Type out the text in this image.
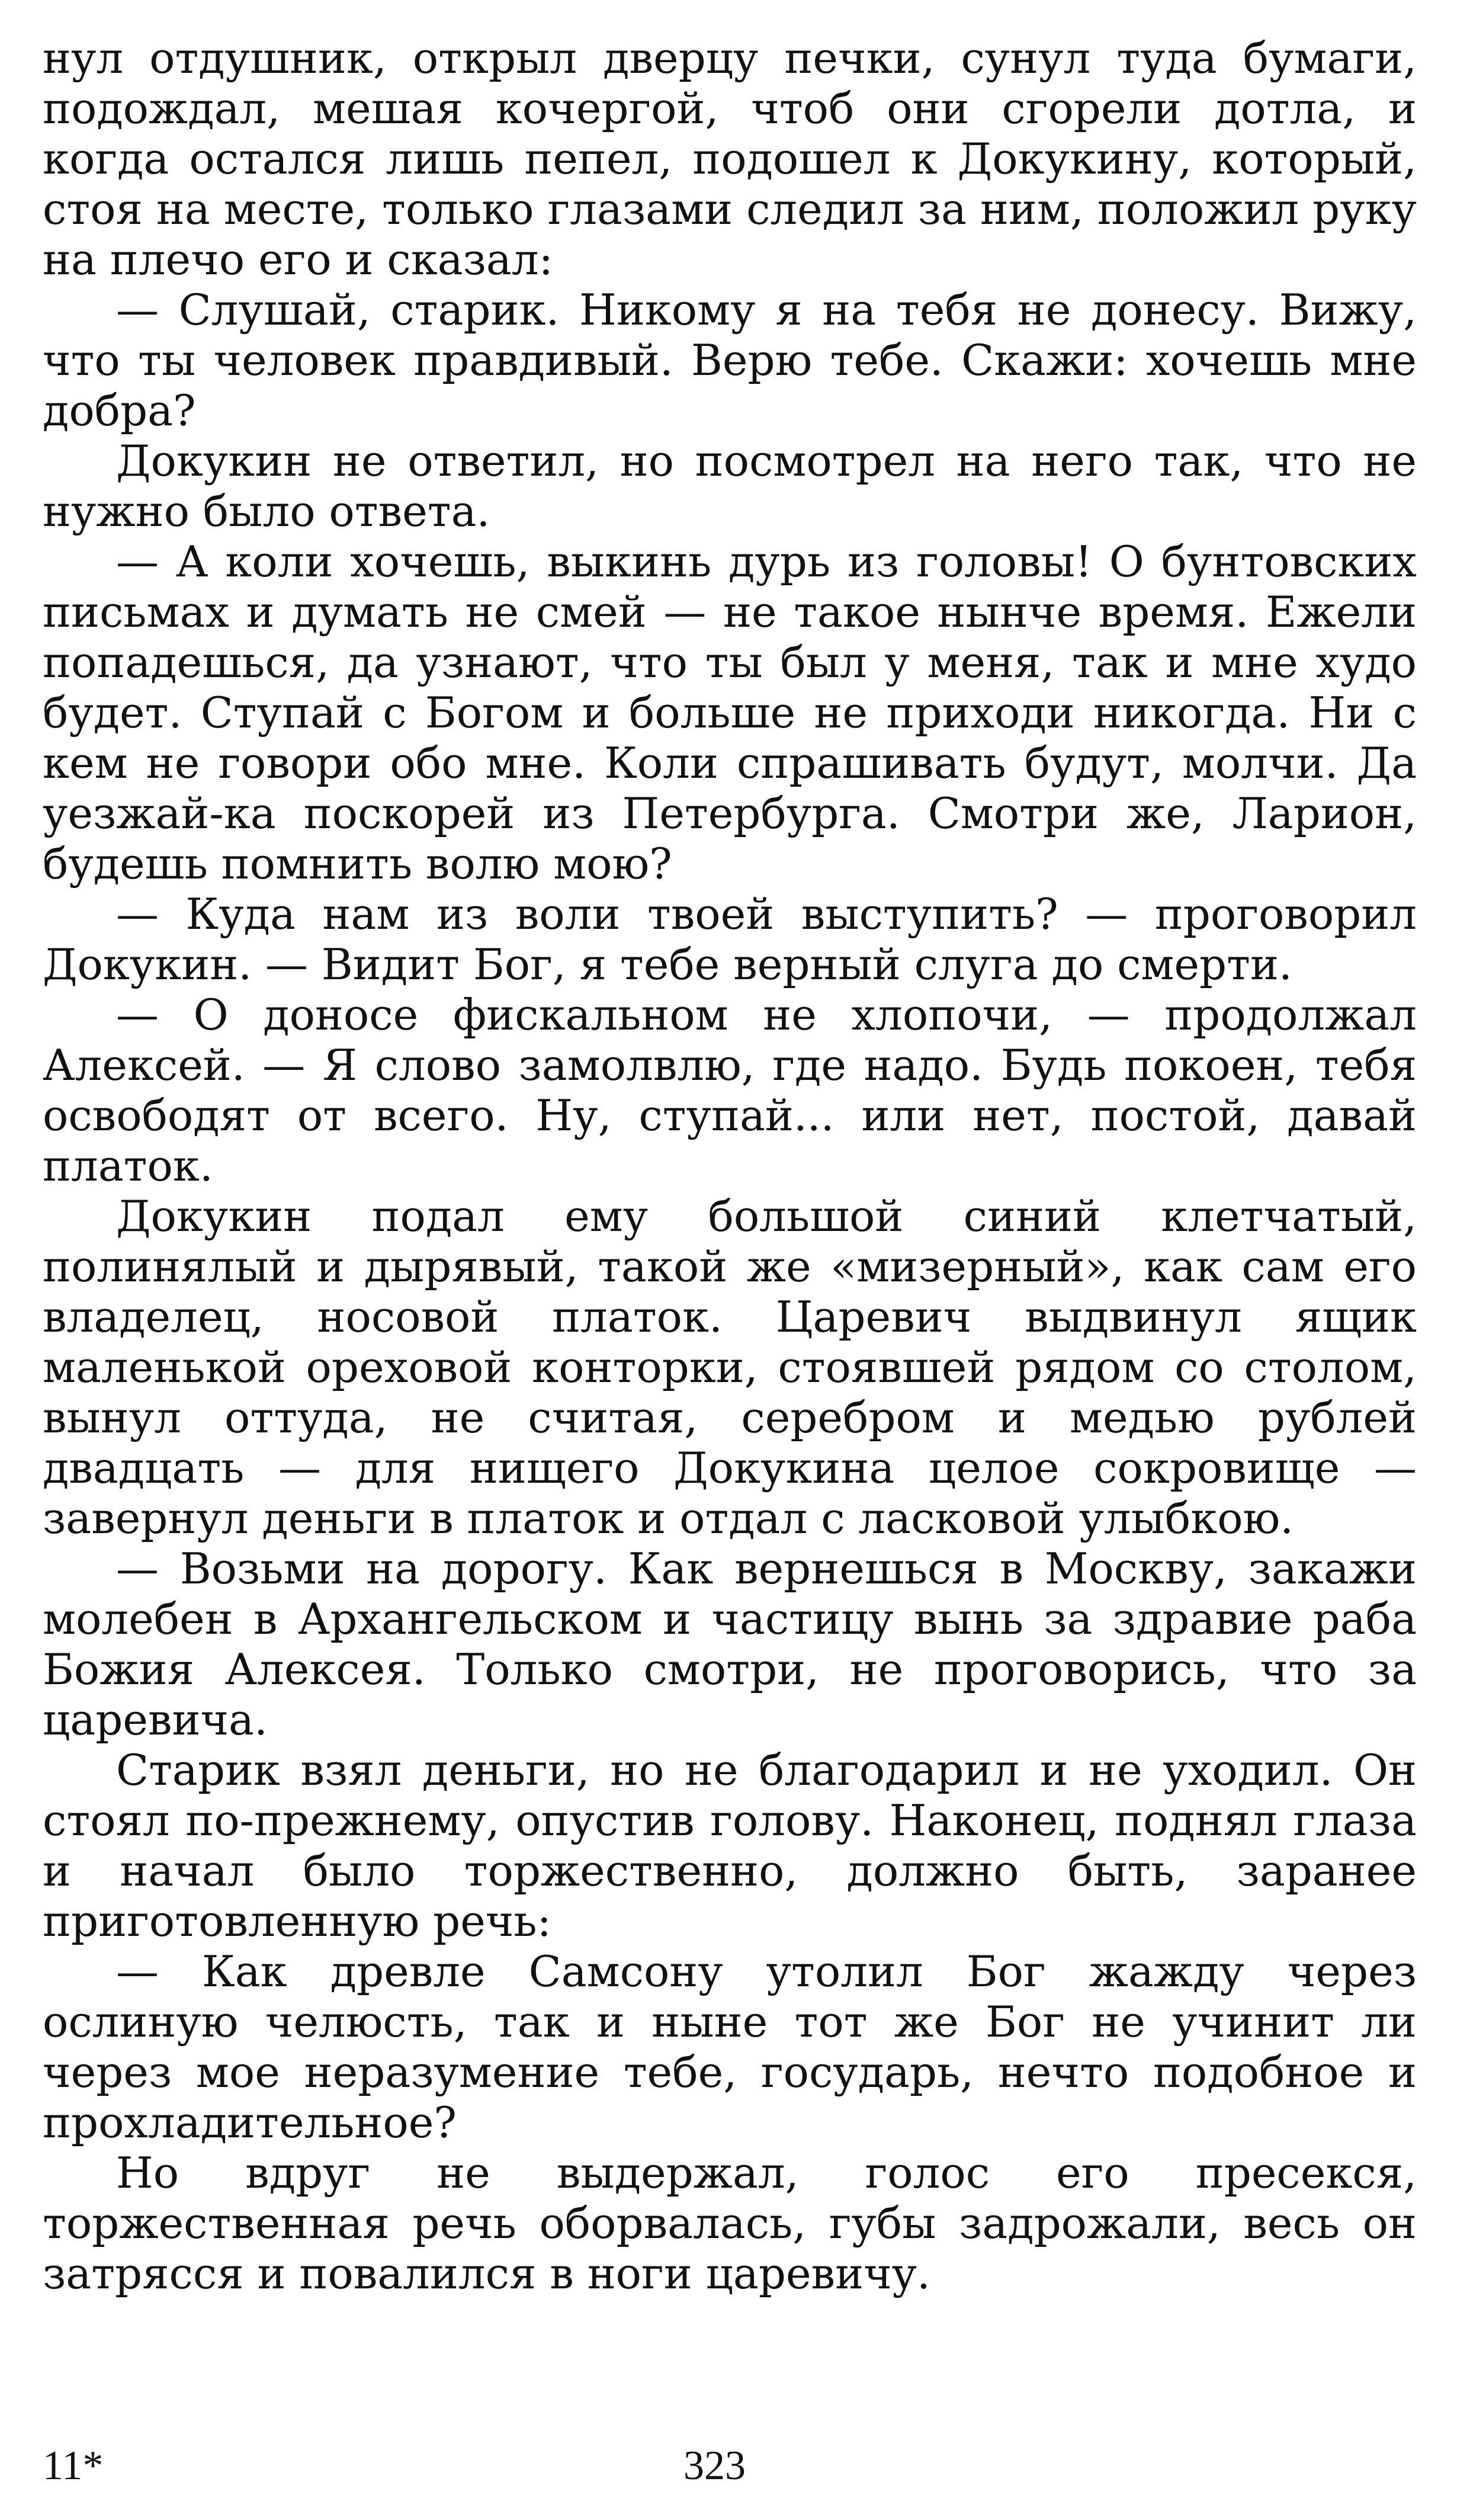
нул отдушник, открыл дверцу печки, сунул туда бумаги, подождал, мешая кочергой, чтоб они сгорели дотла, и когда остался лишь пепел, подошел к Докукину, который, стоя на месте, только глазами следил за ним, положил руку на плечо его и сказал:

— Слушай, старик. Никому я на тебя не донесу. Вижу, что ты человек правдивый. Верю тебе. Скажи: хочешь мне добра?

Докукин не ответил, но посмотрел на него так, что не нужно было ответа.

— А коли хочешь, выкинь дурь из головы! О бунтовских письмах и думать не смей — не такое нынче время. Ежели попадешься, да узнают, что ты был у меня, так и мне худо будет. Ступай с Богом и больше не приходи никогда. Ни с кем не говори обо мне. Коли спрашивать будут, молчи. Да уезжай-ка поскорей из Петербурга. Смотри же, Ларион, будешь помнить волю мою?

— Куда нам из воли твоей выступить? — проговорил Докукин. — Видит Бог, я тебе верный слуга до смерти.

— О доносе фискальном не хлопочи, — продолжал Алексей. — Я слово замолвлю, где надо. Будь покоен, тебя освободят от всего. Ну, ступай... или нет, постой, давай платок.

Докукин подал ему большой синий клетчатый, полинялый и дырявый, такой же «мизерный», как сам его владелец, носовой платок. Царевич выдвинул ящик маленькой ореховой конторки, стоявшей рядом со столом, вынул оттуда, не считая, серебром и медью рублей двадцать — для нищего Докукина целое сокровище — завернул деньги в платок и отдал с ласковой улыбкою.

— Возьми на дорогу. Как вернешься в Москву, закажи молебен в Архангельском и частицу вынь за здравие раба Божия Алексея. Только смотри, не проговорись, что за царевича.

Старик взял деньги, но не благодарил и не уходил. Он стоял по-прежнему, опустив голову. Наконец, поднял глаза и начал было торжественно, должно быть, заранее приготовленную речь:

— Как древле Самсону утолил Бог жажду через ослиную челюсть, так и ныне тот же Бог не учинит ли через мое неразумение тебе, государь, нечто подобное и прохладительное?

Но вдруг не выдержал, голос его пресекся, торжественная речь оборвалась, губы задрожали, весь он затрясся и повалился в ноги царевичу.

11*	323
